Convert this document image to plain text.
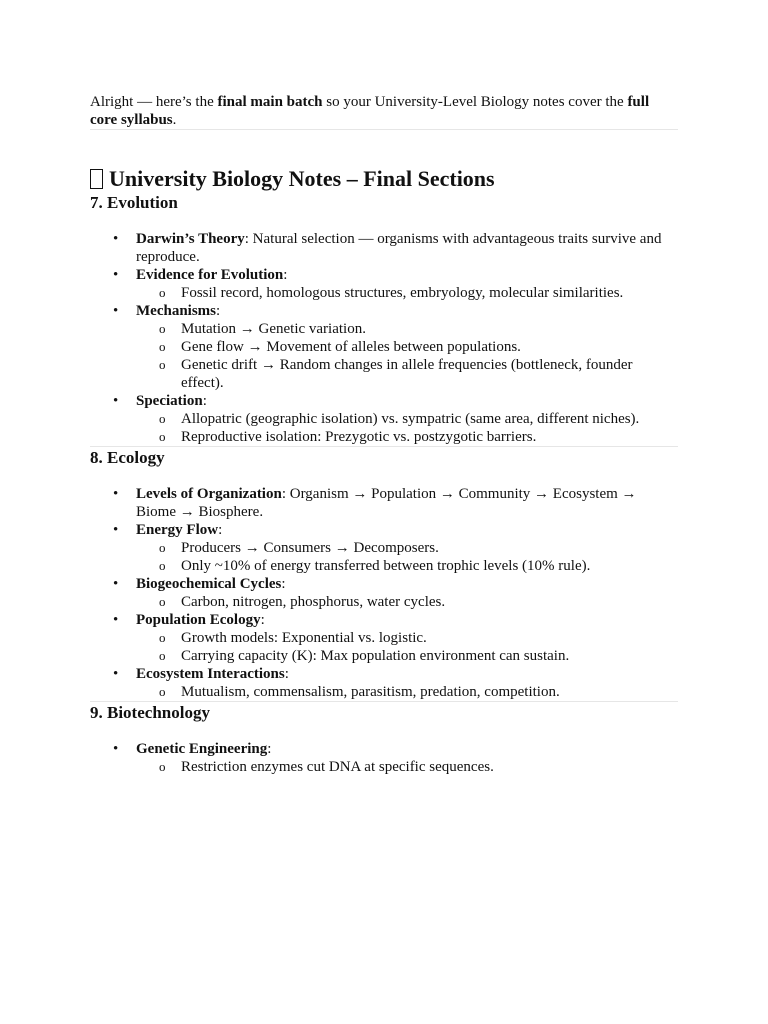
Alright — here’s the final main batch so your University-Level Biology notes cover the full core syllabus.

University Biology Notes – Final Sections
7. Evolution
• Darwin’s Theory: Natural selection — organisms with advantageous traits survive and reproduce.
• Evidence for Evolution:
o Fossil record, homologous structures, embryology, molecular similarities.
• Mechanisms:
o Mutation → Genetic variation.
o Gene flow → Movement of alleles between populations.
o Genetic drift → Random changes in allele frequencies (bottleneck, founder effect).
• Speciation:
o Allopatric (geographic isolation) vs. sympatric (same area, different niches).
o Reproductive isolation: Prezygotic vs. postzygotic barriers.
8. Ecology
• Levels of Organization: Organism → Population → Community → Ecosystem → Biome → Biosphere.
• Energy Flow:
o Producers → Consumers → Decomposers.
o Only ~10% of energy transferred between trophic levels (10% rule).
• Biogeochemical Cycles:
o Carbon, nitrogen, phosphorus, water cycles.
• Population Ecology:
o Growth models: Exponential vs. logistic.
o Carrying capacity (K): Max population environment can sustain.
• Ecosystem Interactions:
o Mutualism, commensalism, parasitism, predation, competition.
9. Biotechnology
• Genetic Engineering:
o Restriction enzymes cut DNA at specific sequences.
